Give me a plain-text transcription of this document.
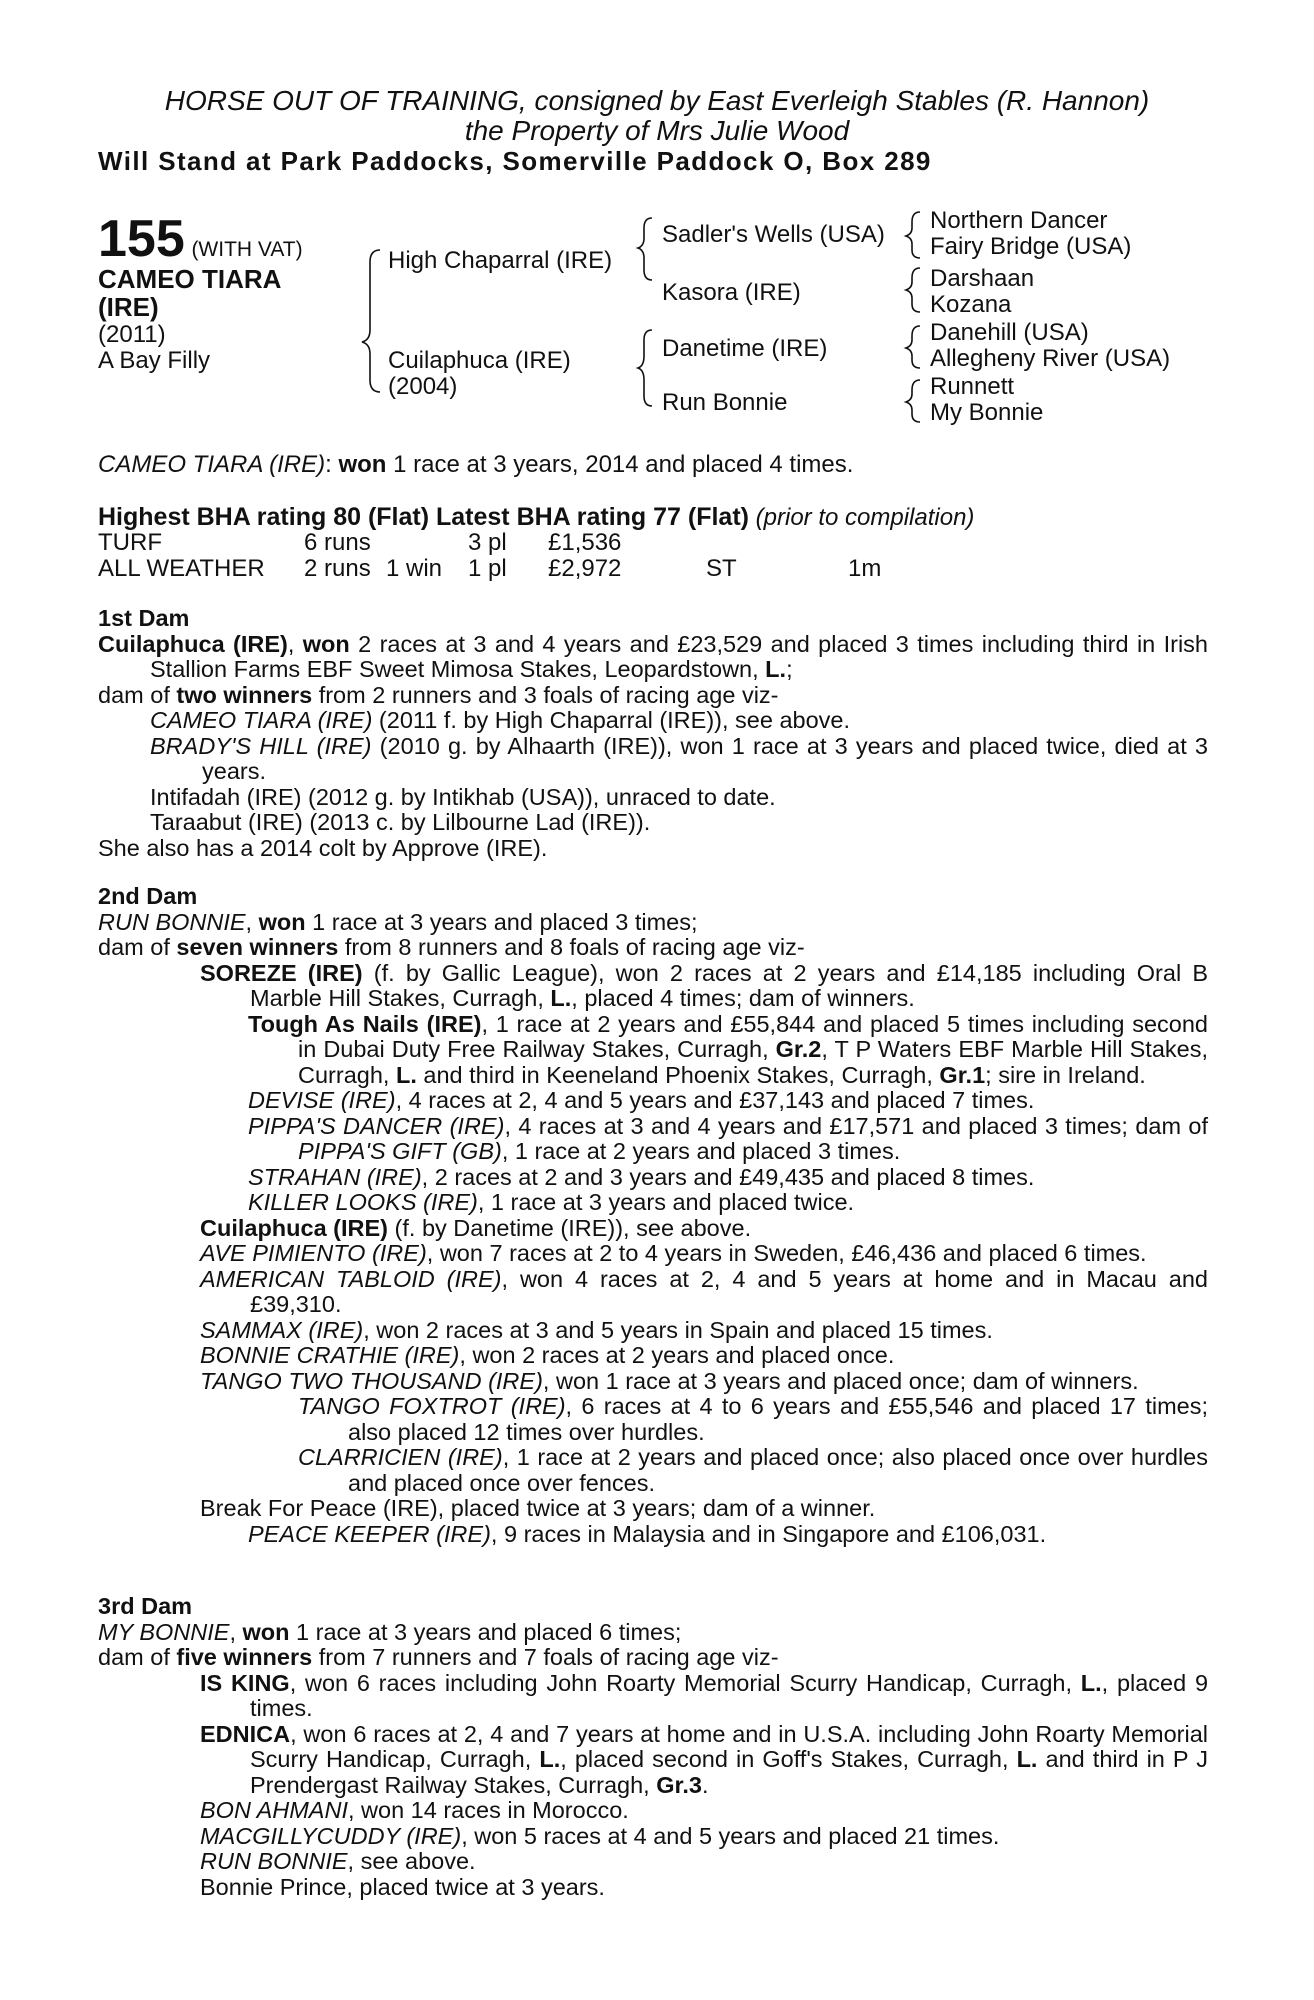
HORSE OUT OF TRAINING, consigned by East Everleigh Stables (R. Hannon)
the Property of Mrs Julie Wood
Will Stand at Park Paddocks, Somerville Paddock O, Box 289
155 (WITH VAT)
CAMEO TIARA
(IRE)
(2011)
A Bay Filly
High Chaparral (IRE)
Cuilaphuca (IRE)
(2004)
Sadler's Wells (USA)
Kasora (IRE)
Danetime (IRE)
Run Bonnie
Northern Dancer
Fairy Bridge (USA)
Darshaan
Kozana
Danehill (USA)
Allegheny River (USA)
Runnett
My Bonnie
CAMEO TIARA (IRE): won 1 race at 3 years, 2014 and placed 4 times.
Highest BHA rating 80 (Flat) Latest BHA rating 77 (Flat) (prior to compilation)
TURF	6 runs	3 pl £1,536
ALL WEATHER 2 runs 1 win 1 pl £2,972	ST	1m

1st Dam

Cuilaphuca (IRE), won 2 races at 3 and 4 years and £23,529 and placed 3 times including third in Irish Stallion Farms EBF Sweet Mimosa Stakes, Leopardstown, L.;

dam of two winners from 2 runners and 3 foals of racing age viz-

CAMEO TIARA (IRE) (2011 f. by High Chaparral (IRE)), see above.

BRADY'S HILL (IRE) (2010 g. by Alhaarth (IRE)), won 1 race at 3 years and placed twice, died at 3 years.

Intifadah (IRE) (2012 g. by Intikhab (USA)), unraced to date.

Taraabut (IRE) (2013 c. by Lilbourne Lad (IRE)).

She also has a 2014 colt by Approve (IRE).

2nd Dam

RUN BONNIE, won 1 race at 3 years and placed 3 times;

dam of seven winners from 8 runners and 8 foals of racing age viz-

SOREZE (IRE) (f. by Gallic League), won 2 races at 2 years and £14,185 including Oral B Marble Hill Stakes, Curragh, L., placed 4 times; dam of winners.

Tough As Nails (IRE), 1 race at 2 years and £55,844 and placed 5 times including second in Dubai Duty Free Railway Stakes, Curragh, Gr.2, T P Waters EBF Marble Hill Stakes, Curragh, L. and third in Keeneland Phoenix Stakes, Curragh, Gr.1; sire in Ireland.

DEVISE (IRE), 4 races at 2, 4 and 5 years and £37,143 and placed 7 times.

PIPPA'S DANCER (IRE), 4 races at 3 and 4 years and £17,571 and placed 3 times; dam of PIPPA'S GIFT (GB), 1 race at 2 years and placed 3 times.

STRAHAN (IRE), 2 races at 2 and 3 years and £49,435 and placed 8 times.

KILLER LOOKS (IRE), 1 race at 3 years and placed twice.

Cuilaphuca (IRE) (f. by Danetime (IRE)), see above.

AVE PIMIENTO (IRE), won 7 races at 2 to 4 years in Sweden, £46,436 and placed 6 times.

AMERICAN TABLOID (IRE), won 4 races at 2, 4 and 5 years at home and in Macau and £39,310.

SAMMAX (IRE), won 2 races at 3 and 5 years in Spain and placed 15 times.

BONNIE CRATHIE (IRE), won 2 races at 2 years and placed once.

TANGO TWO THOUSAND (IRE), won 1 race at 3 years and placed once; dam of winners.

TANGO FOXTROT (IRE), 6 races at 4 to 6 years and £55,546 and placed 17 times; also placed 12 times over hurdles.

CLARRICIEN (IRE), 1 race at 2 years and placed once; also placed once over hurdles and placed once over fences.

Break For Peace (IRE), placed twice at 3 years; dam of a winner.

PEACE KEEPER (IRE), 9 races in Malaysia and in Singapore and £106,031.

3rd Dam

MY BONNIE, won 1 race at 3 years and placed 6 times;

dam of five winners from 7 runners and 7 foals of racing age viz-

IS KING, won 6 races including John Roarty Memorial Scurry Handicap, Curragh, L., placed 9 times.

EDNICA, won 6 races at 2, 4 and 7 years at home and in U.S.A. including John Roarty Memorial Scurry Handicap, Curragh, L., placed second in Goff's Stakes, Curragh, L. and third in P J Prendergast Railway Stakes, Curragh, Gr.3.

BON AHMANI, won 14 races in Morocco.

MACGILLYCUDDY (IRE), won 5 races at 4 and 5 years and placed 21 times.

RUN BONNIE, see above.

Bonnie Prince, placed twice at 3 years.
